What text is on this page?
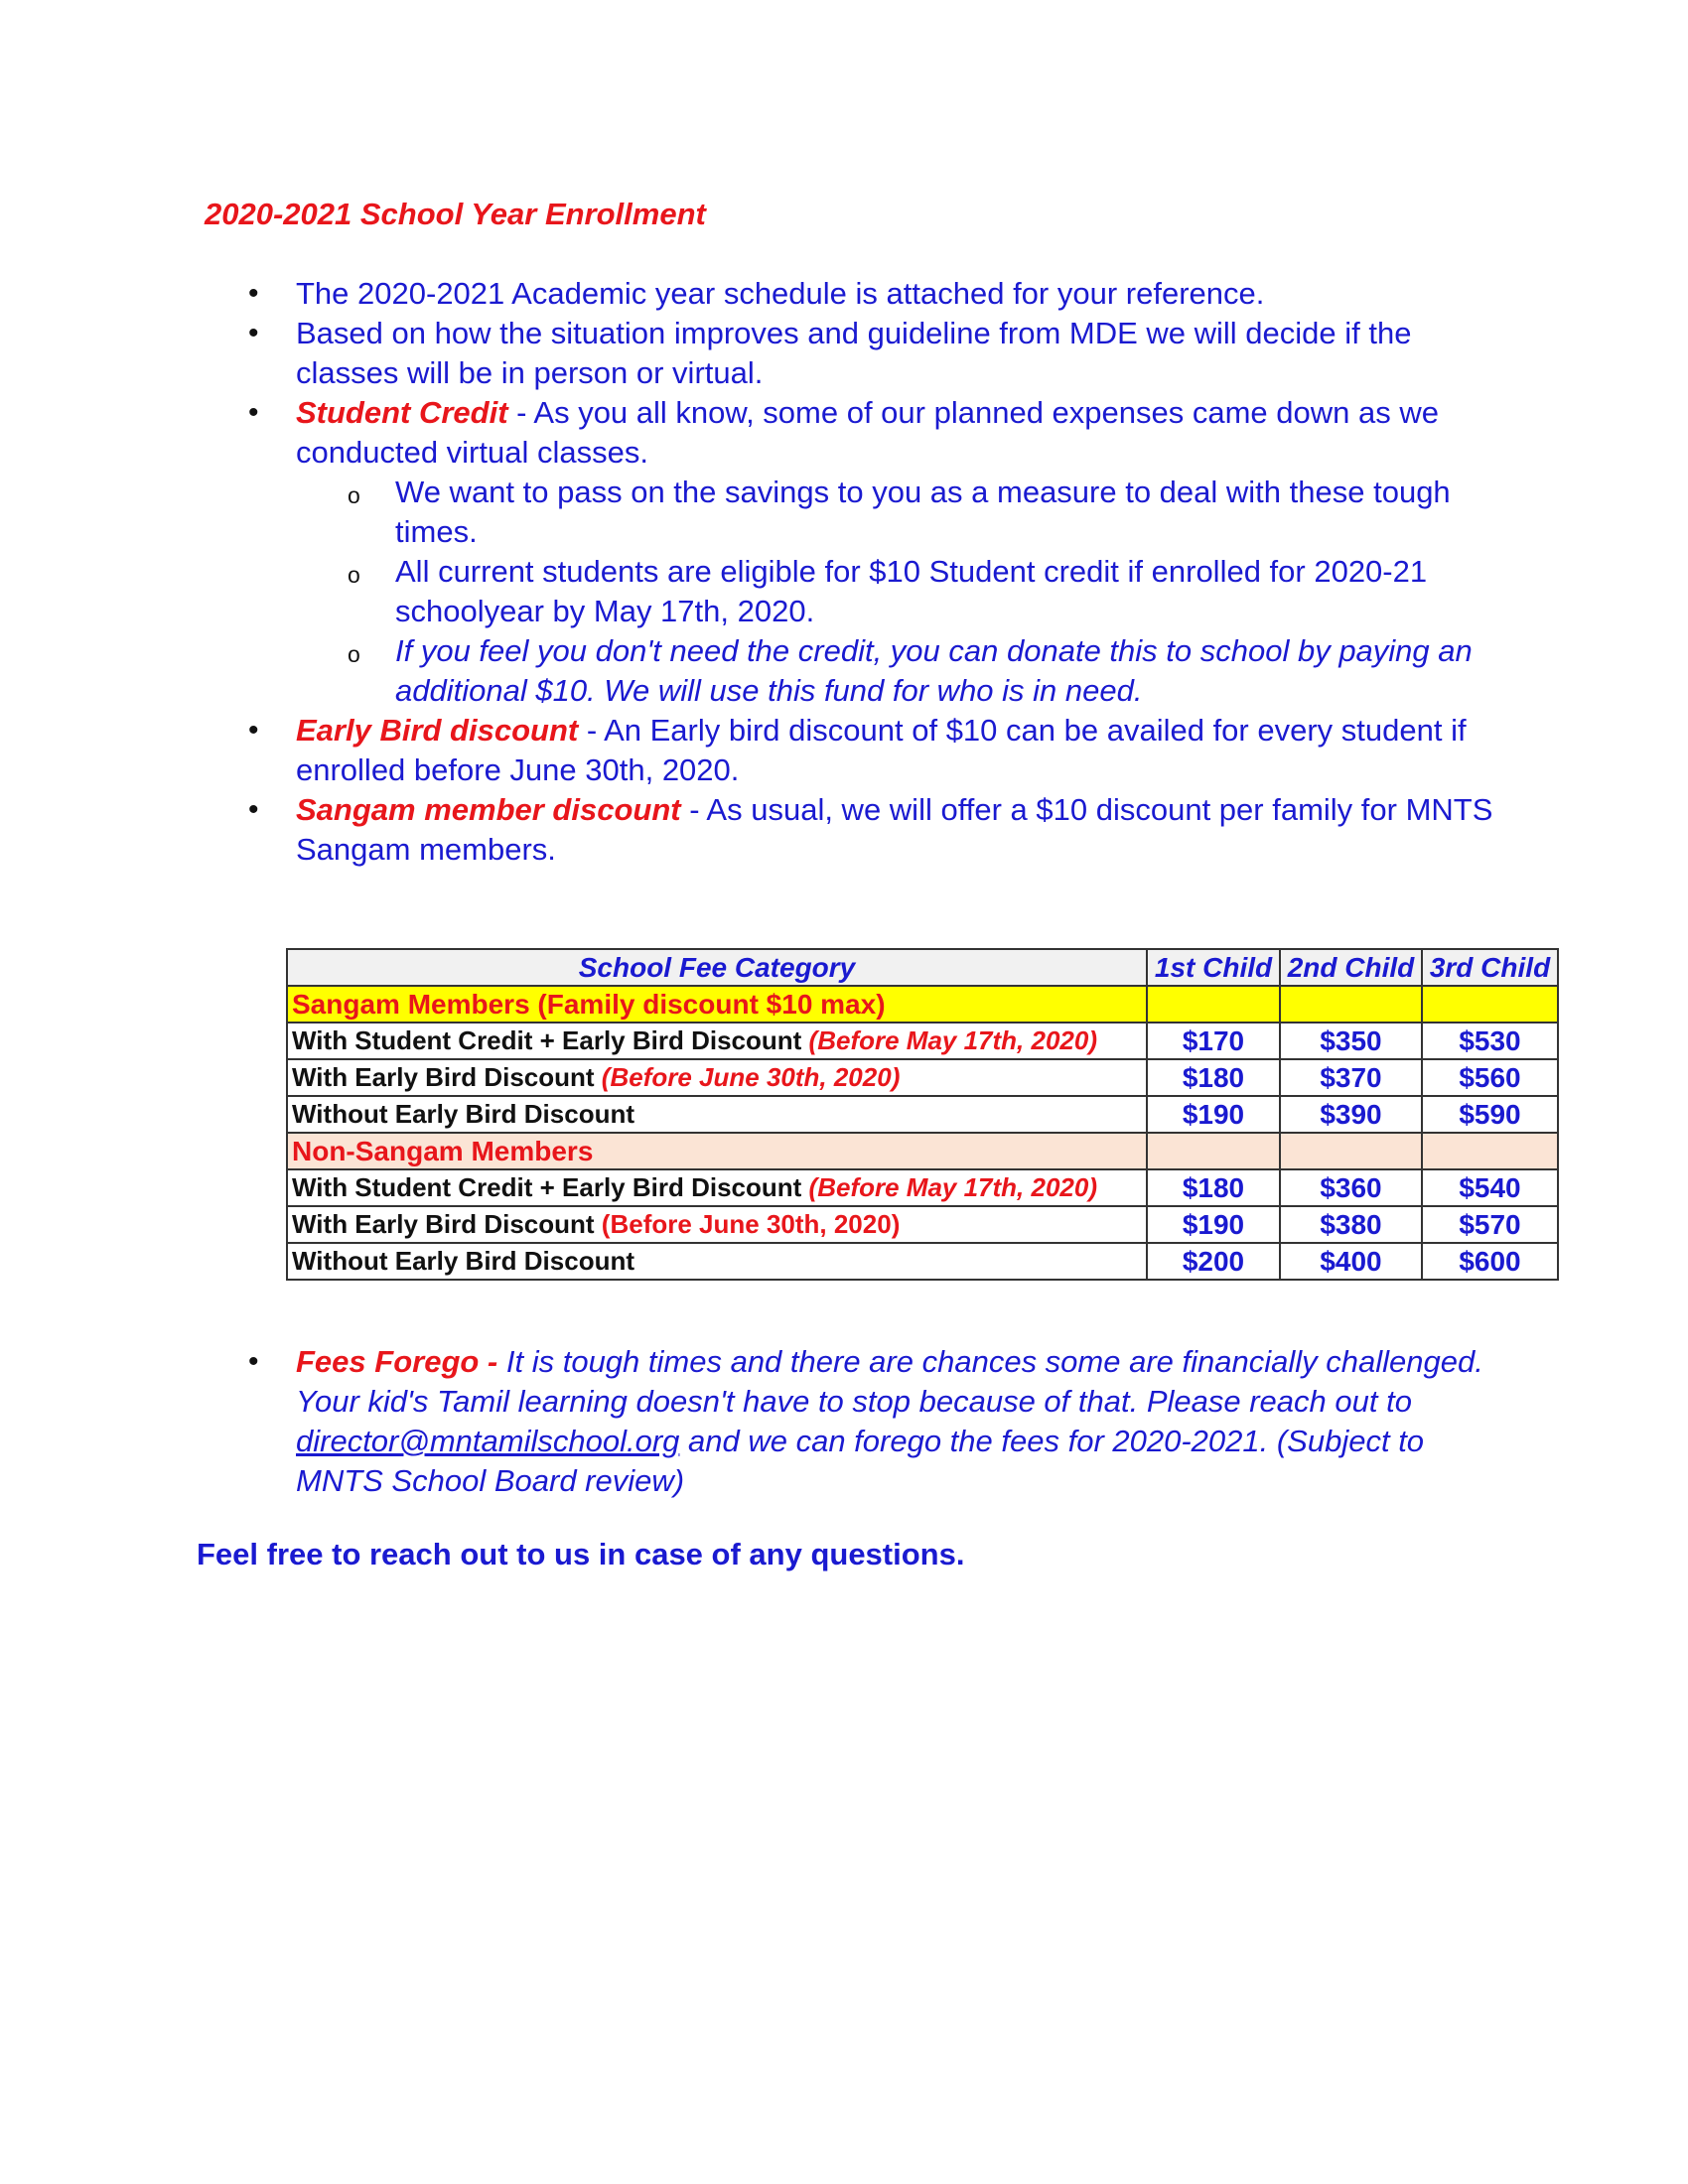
2020-2021 School Year Enrollment
• The 2020-2021 Academic year schedule is attached for your reference.
• Based on how the situation improves and guideline from MDE we will decide if the classes will be in person or virtual.
• Student Credit - As you all know, some of our planned expenses came down as we conducted virtual classes.
o We want to pass on the savings to you as a measure to deal with these tough times.
o All current students are eligible for $10 Student credit if enrolled for 2020-21 schoolyear by May 17th, 2020.
o If you feel you don't need the credit, you can donate this to school by paying an additional $10. We will use this fund for who is in need.
• Early Bird discount - An Early bird discount of $10 can be availed for every student if enrolled before June 30th, 2020.
• Sangam member discount - As usual, we will offer a $10 discount per family for MNTS Sangam members.
School Fee Category	1st Child	2nd Child	3rd Child
Sangam Members (Family discount $10 max)			
With Student Credit + Early Bird Discount (Before May 17th, 2020)	$170	$350	$530
With Early Bird Discount (Before June 30th, 2020)	$180	$370	$560
Without Early Bird Discount	$190	$390	$590
Non-Sangam Members			
With Student Credit + Early Bird Discount (Before May 17th, 2020)	$180	$360	$540
With Early Bird Discount (Before June 30th, 2020)	$190	$380	$570
Without Early Bird Discount	$200	$400	$600
• Fees Forego - It is tough times and there are chances some are financially challenged. Your kid's Tamil learning doesn't have to stop because of that. Please reach out to director@mntamilschool.org and we can forego the fees for 2020-2021. (Subject to MNTS School Board review)
Feel free to reach out to us in case of any questions.
